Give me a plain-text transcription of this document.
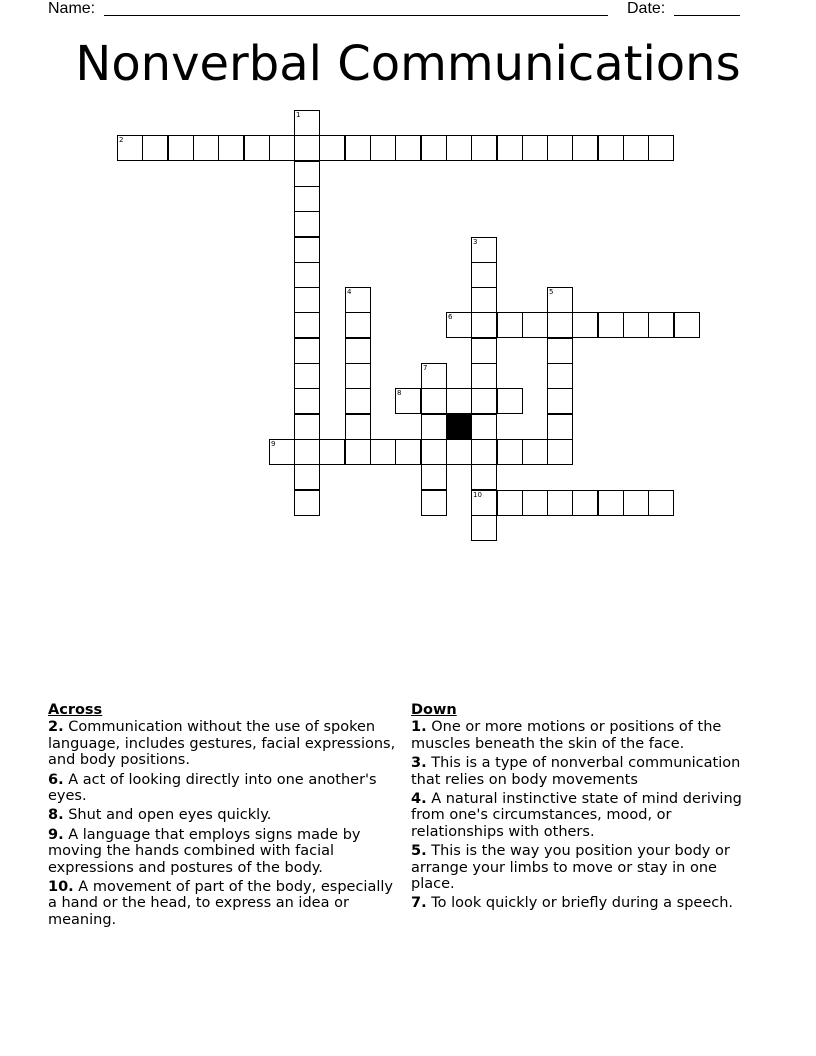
Name:	Date:
Nonverbal Communications
1
2
3
10
4	5
6
7
8
9
Across
2. Communication without the use of spoken language, includes gestures, facial expressions, and body positions.
6. A act of looking directly into one another's eyes.
8. Shut and open eyes quickly.
9. A language that employs signs made by moving the hands combined with facial expressions and postures of the body.
10. A movement of part of the body, especially a hand or the head, to express an idea or meaning.
Down
1. One or more motions or positions of the muscles beneath the skin of the face.
3. This is a type of nonverbal communication that relies on body movements
4. A natural instinctive state of mind deriving from one's circumstances, mood, or relationships with others.
5. This is the way you position your body or arrange your limbs to move or stay in one place.
7. To look quickly or briefly during a speech.
